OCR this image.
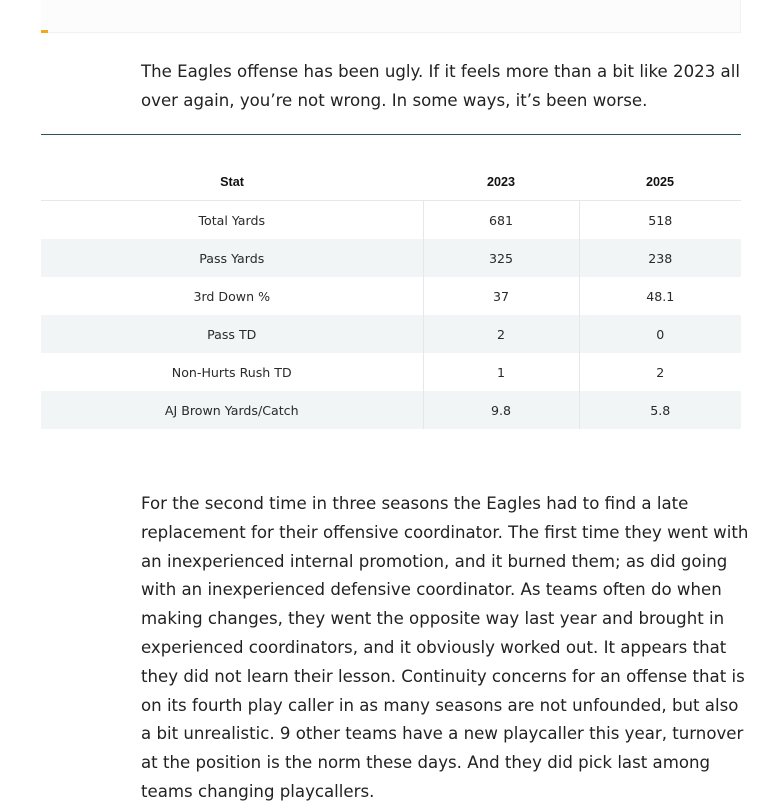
The Eagles offense has been ugly. If it feels more than a bit like 2023 all over again, you’re not wrong. In some ways, it’s been worse.

Stat	2023	2025
Total Yards	681	518
Pass Yards	325	238
3rd Down %	37	48.1
Pass TD	2	0
Non-Hurts Rush TD	1	2
AJ Brown Yards/Catch	9.8	5.8

For the second time in three seasons the Eagles had to find a late replacement for their offensive coordinator. The first time they went with an inexperienced internal promotion, and it burned them; as did going with an inexperienced defensive coordinator. As teams often do when making changes, they went the opposite way last year and brought in experienced coordinators, and it obviously worked out. It appears that they did not learn their lesson. Continuity concerns for an offense that is on its fourth play caller in as many seasons are not unfounded, but also a bit unrealistic. 9 other teams have a new playcaller this year, turnover at the position is the norm these days. And they did pick last among teams changing playcallers.
